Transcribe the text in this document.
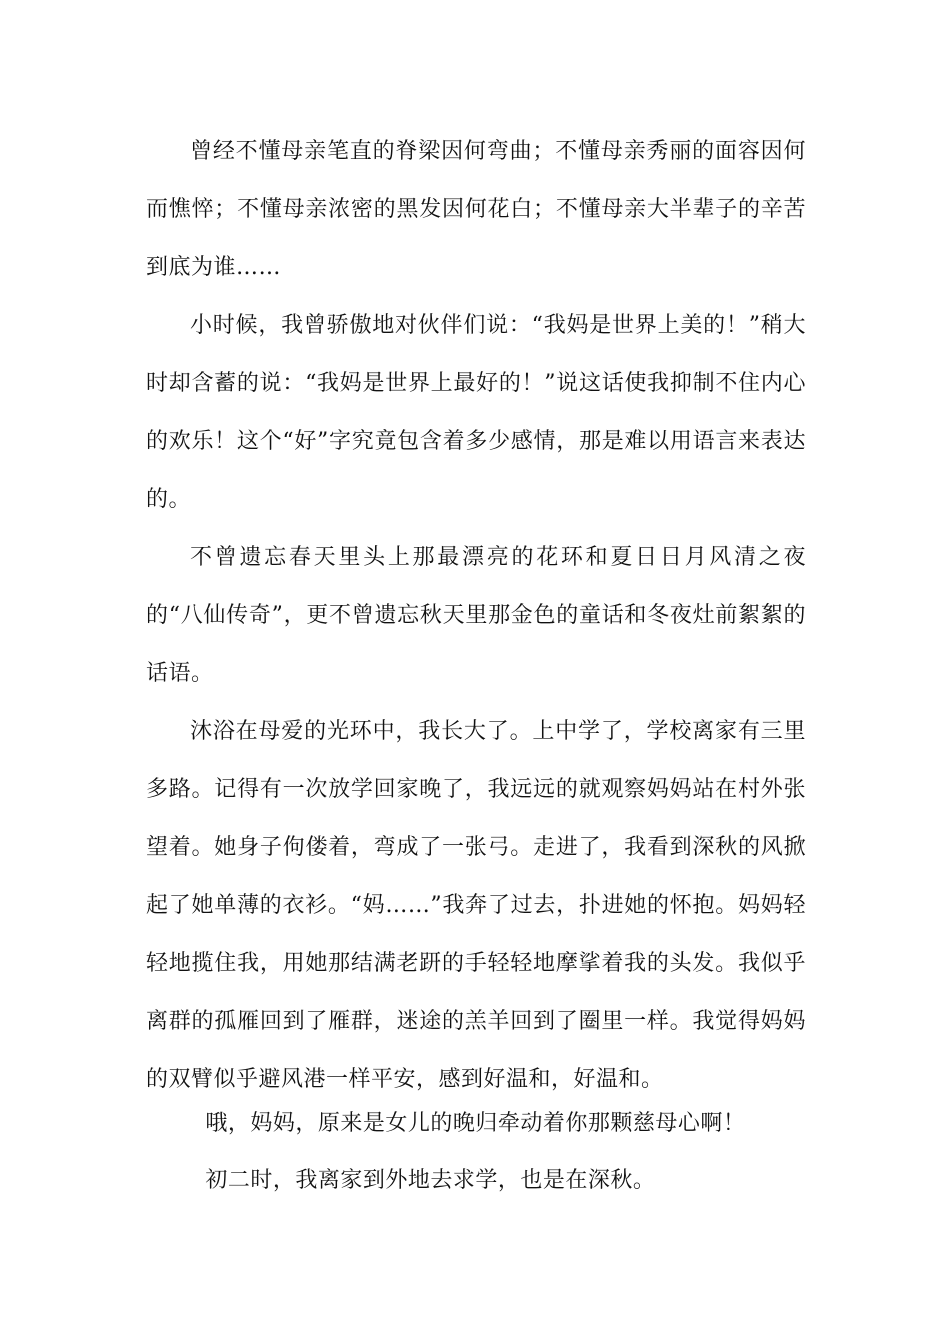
曾经不懂母亲笔直的脊梁因何弯曲；不懂母亲秀丽的面容因何而憔悴；不懂母亲浓密的黑发因何花白；不懂母亲大半辈子的辛苦到底为谁……

小时候，我曾骄傲地对伙伴们说：“我妈是世界上美的！”稍大时却含蓄的说：“我妈是世界上最好的！”说这话使我抑制不住内心的欢乐！这个“好”字究竟包含着多少感情，那是难以用语言来表达的。

不曾遗忘春天里头上那最漂亮的花环和夏日日月风清之夜的“八仙传奇”，更不曾遗忘秋天里那金色的童话和冬夜灶前絮絮的话语。

沐浴在母爱的光环中，我长大了。上中学了，学校离家有三里多路。记得有一次放学回家晚了，我远远的就观察妈妈站在村外张望着。她身子佝偻着，弯成了一张弓。走进了，我看到深秋的风掀起了她单薄的衣衫。“妈……”我奔了过去，扑进她的怀抱。妈妈轻轻地揽住我，用她那结满老趼的手轻轻地摩挲着我的头发。我似乎离群的孤雁回到了雁群，迷途的羔羊回到了圈里一样。我觉得妈妈的双臂似乎避风港一样平安，感到好温和，好温和。

哦，妈妈，原来是女儿的晚归牵动着你那颗慈母心啊！

初二时，我离家到外地去求学，也是在深秋。
